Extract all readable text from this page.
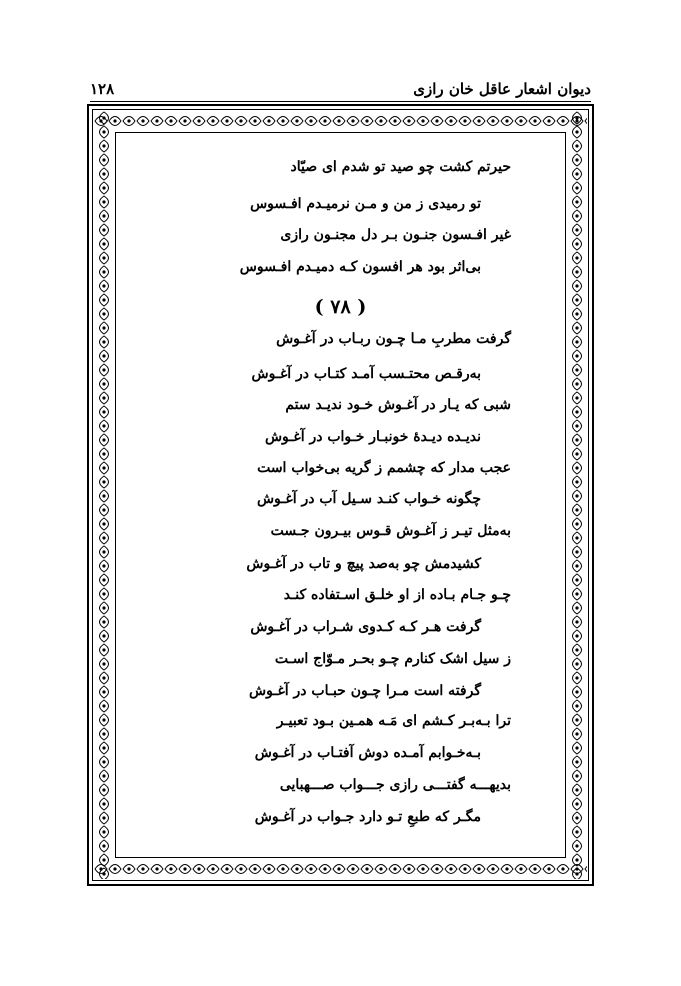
۱۲۸	دیوان اشعار عاقل خان رازی
حیرتم کشت چو صید تو شدم ای صیّاد
تو رمیدی ز من و مـن نرمیـدم افـسوس
غیر افـسون جنـون بـر دل مجنـون رازی
بی‌اثر بود هر افسون کـه دمیـدم افـسوس
( ۷۸ )
گرفت مطربِ مـا چـون ربـاب در آغـوش
به‌رقـص محتـسب آمـد کتـاب در آغـوش
شبی که یـار در آغـوش خـود ندیـد ستم
ندیـده دیـدۀ خونبـار خـواب در آغـوش
عجب مدار که چشمم ز گریه بی‌خواب است
چگونه خـواب کنـد سـیل آب در آغـوش
به‌مثل تیـر ز آغـوش قـوس بیـرون جـست
کشیدمش چو به‌صد پیچ و تاب در آغـوش
چـو جـام بـاده از او خلـق اسـتفاده کنـد
گرفت هـر کـه کـدوی شـراب در آغـوش
ز سیل اشک کنارم چـو بحـر مـوّاج اسـت
گرفته است مـرا چـون حبـاب در آغـوش
ترا بـه‌بـر کـشم ای مَـه همـین بـود تعبیـر
بـه‌خـوابم آمـده دوش آفتـاب در آغـوش
بدیهـــه گفتـــی رازی جـــواب صـــهبایی
مگـر که طبعِ تـو دارد جـواب در آغـوش
